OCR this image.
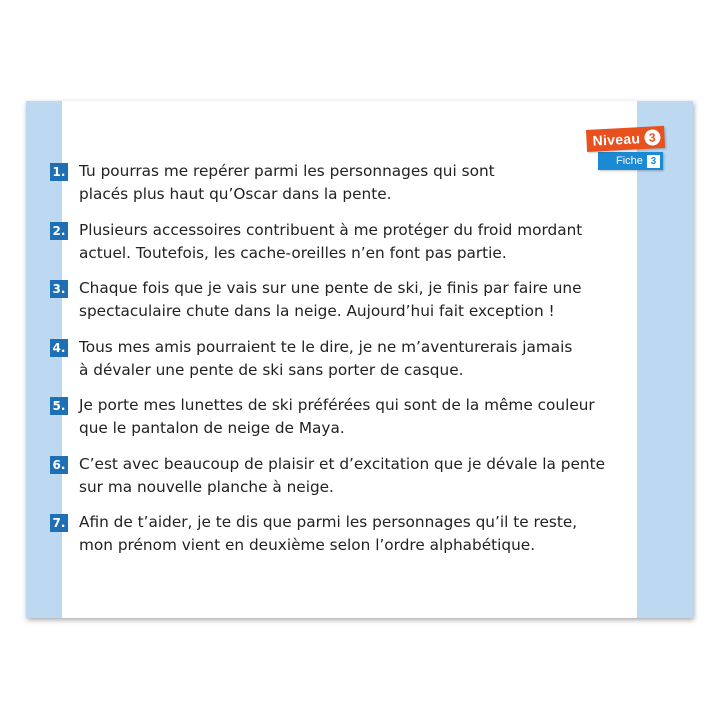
Fiche 3
Niveau 3
1. Tu pourras me repérer parmi les personnages qui sont
placés plus haut qu’Oscar dans la pente.

2. Plusieurs accessoires contribuent à me protéger du froid mordant
actuel. Toutefois, les cache-oreilles n’en font pas partie.

3. Chaque fois que je vais sur une pente de ski, je finis par faire une
spectaculaire chute dans la neige. Aujourd’hui fait exception !

4. Tous mes amis pourraient te le dire, je ne m’aventurerais jamais
à dévaler une pente de ski sans porter de casque.

5. Je porte mes lunettes de ski préférées qui sont de la même couleur
que le pantalon de neige de Maya.

6. C’est avec beaucoup de plaisir et d’excitation que je dévale la pente
sur ma nouvelle planche à neige.

7. Afin de t’aider, je te dis que parmi les personnages qu’il te reste,
mon prénom vient en deuxième selon l’ordre alphabétique.
